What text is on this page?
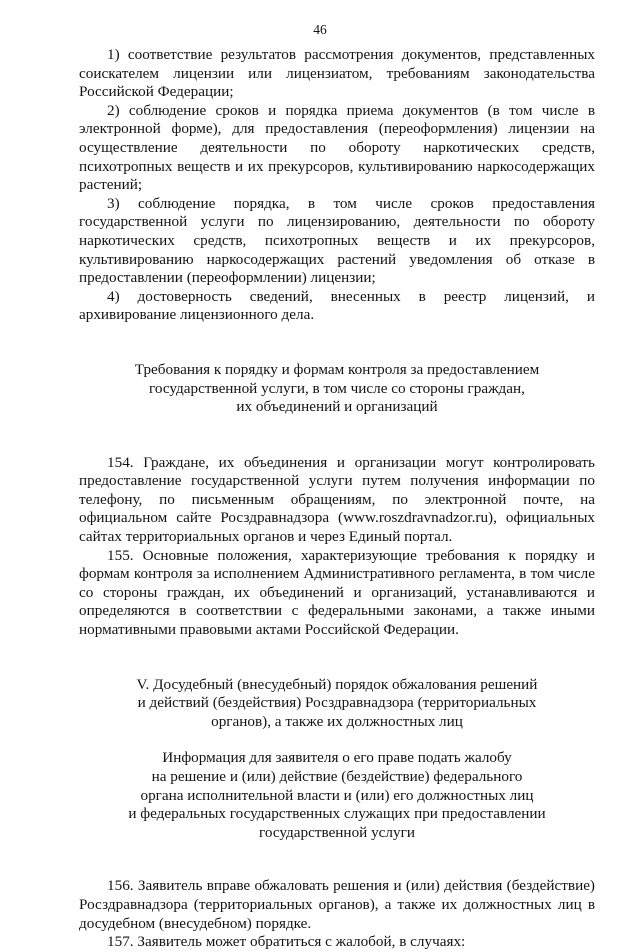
46

1) соответствие результатов рассмотрения документов, представленных соискателем лицензии или лицензиатом, требованиям законодательства Российской Федерации;

2) соблюдение сроков и порядка приема документов (в том числе в электронной форме), для предоставления (переоформления) лицензии на осуществление деятельности по обороту наркотических средств, психотропных веществ и их прекурсоров, культивированию наркосодержащих растений;

3) соблюдение порядка, в том числе сроков предоставления государственной услуги по лицензированию, деятельности по обороту наркотических средств, психотропных веществ и их прекурсоров, культивированию наркосодержащих растений уведомления об отказе в предоставлении (переоформлении) лицензии;

4) достоверность сведений, внесенных в реестр лицензий, и архивирование лицензионного дела.

Требования к порядку и формам контроля за предоставлением

государственной услуги, в том числе со стороны граждан,

их объединений и организаций

154. Граждане, их объединения и организации могут контролировать предоставление государственной услуги путем получения информации по телефону, по письменным обращениям, по электронной почте, на официальном сайте Росздравнадзора (www.roszdravnadzor.ru), официальных сайтах территориальных органов и через Единый портал.

155. Основные положения, характеризующие требования к порядку и формам контроля за исполнением Административного регламента, в том числе со стороны граждан, их объединений и организаций, устанавливаются и определяются в соответствии с федеральными законами, а также иными нормативными правовыми актами Российской Федерации.

V. Досудебный (внесудебный) порядок обжалования решений

и действий (бездействия) Росздравнадзора (территориальных

органов), а также их должностных лиц

Информация для заявителя о его праве подать жалобу

на решение и (или) действие (бездействие) федерального

органа исполнительной власти и (или) его должностных лиц

и федеральных государственных служащих при предоставлении

государственной услуги

156. Заявитель вправе обжаловать решения и (или) действия (бездействие) Росздравнадзора (территориальных органов), а также их должностных лиц в досудебном (внесудебном) порядке.

157. Заявитель может обратиться с жалобой, в случаях:
